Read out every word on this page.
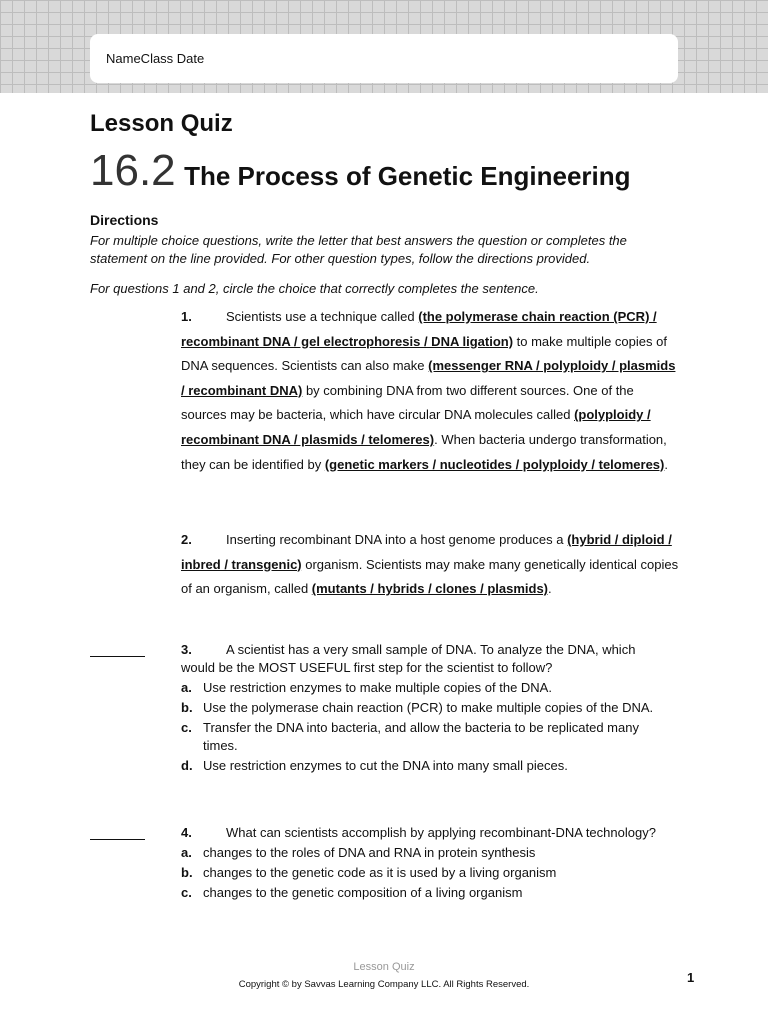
NameClass Date
Lesson Quiz
16.2 The Process of Genetic Engineering
Directions
For multiple choice questions, write the letter that best answers the question or completes the statement on the line provided. For other question types, follow the directions provided.
For questions 1 and 2, circle the choice that correctly completes the sentence.
1.	Scientists use a technique called (the polymerase chain reaction (PCR) / recombinant DNA / gel electrophoresis / DNA ligation) to make multiple copies of DNA sequences. Scientists can also make (messenger RNA / polyploidy / plasmids / recombinant DNA) by combining DNA from two different sources. One of the sources may be bacteria, which have circular DNA molecules called (polyploidy / recombinant DNA / plasmids / telomeres). When bacteria undergo transformation, they can be identified by (genetic markers / nucleotides / polyploidy / telomeres).
2.	Inserting recombinant DNA into a host genome produces a (hybrid / diploid / inbred / transgenic) organism. Scientists may make many genetically identical copies of an organism, called (mutants / hybrids / clones / plasmids).
3.	A scientist has a very small sample of DNA. To analyze the DNA, which would be the MOST USEFUL first step for the scientist to follow?
a. Use restriction enzymes to make multiple copies of the DNA.
b. Use the polymerase chain reaction (PCR) to make multiple copies of the DNA.
c. Transfer the DNA into bacteria, and allow the bacteria to be replicated many times.
d. Use restriction enzymes to cut the DNA into many small pieces.
4.	What can scientists accomplish by applying recombinant-DNA technology?
a. changes to the roles of DNA and RNA in protein synthesis
b. changes to the genetic code as it is used by a living organism
c. changes to the genetic composition of a living organism
Lesson Quiz
Copyright © by Savvas Learning Company LLC. All Rights Reserved.	1
